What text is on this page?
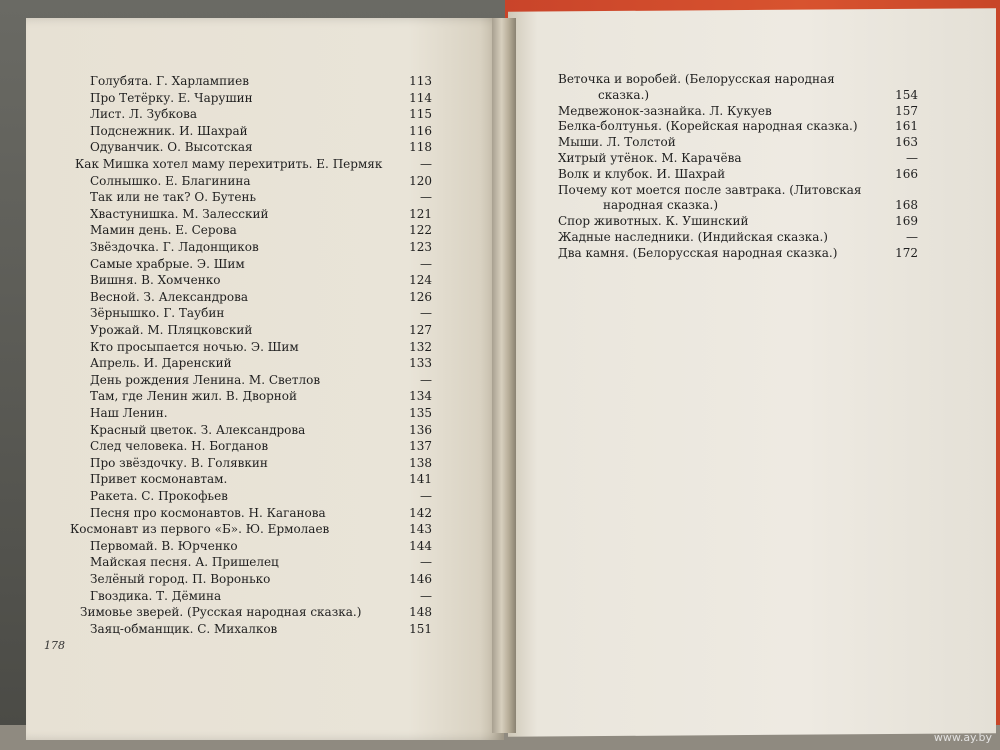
Голубята. Г. Харлампиев	113
Про Тетёрку. Е. Чарушин	114
Лист. Л. Зубкова	115
Подснежник. И. Шахрай	116
Одуванчик. О. Высотская	118
Как Мишка хотел маму перехитрить. Е. Пермяк	—
Солнышко. Е. Благинина	120
Так или не так? О. Бутень	—
Хвастунишка. М. Залесский	121
Мамин день. Е. Серова	122
Звёздочка. Г. Ладонщиков	123
Самые храбрые. Э. Шим	—
Вишня. В. Хомченко	124
Весной. З. Александрова	126
Зёрнышко. Г. Таубин	—
Урожай. М. Пляцковский	127
Кто просыпается ночью. Э. Шим	132
Апрель. И. Даренский	133
День рождения Ленина. М. Светлов	—
Там, где Ленин жил. В. Дворной	134
Наш Ленин.	135
Красный цветок. З. Александрова	136
След человека. Н. Богданов	137
Про звёздочку. В. Голявкин	138
Привет космонавтам.	141
Ракета. С. Прокофьев	—
Песня про космонавтов. Н. Каганова	142
Космонавт из первого «Б». Ю. Ермолаев	143
Первомай. В. Юрченко	144
Майская песня. А. Пришелец	—
Зелёный город. П. Воронько	146
Гвоздика. Т. Дёмина	—
Зимовье зверей. (Русская народная сказка.)	148
Заяц-обманщик. С. Михалков	151
Веточка и воробей. (Белорусская народная
сказка.)	154
Медвежонок-зазнайка. Л. Кукуев	157
Белка-болтунья. (Корейская народная сказка.)	161
Мыши. Л. Толстой	163
Хитрый утёнок. М. Карачёва	—
Волк и клубок. И. Шахрай	166
Почему кот моется после завтрака. (Литовская
народная сказка.)	168
Спор животных. К. Ушинский	169
Жадные наследники. (Индийская сказка.)	—
Два камня. (Белорусская народная сказка.)	172
178
www.ay.by
